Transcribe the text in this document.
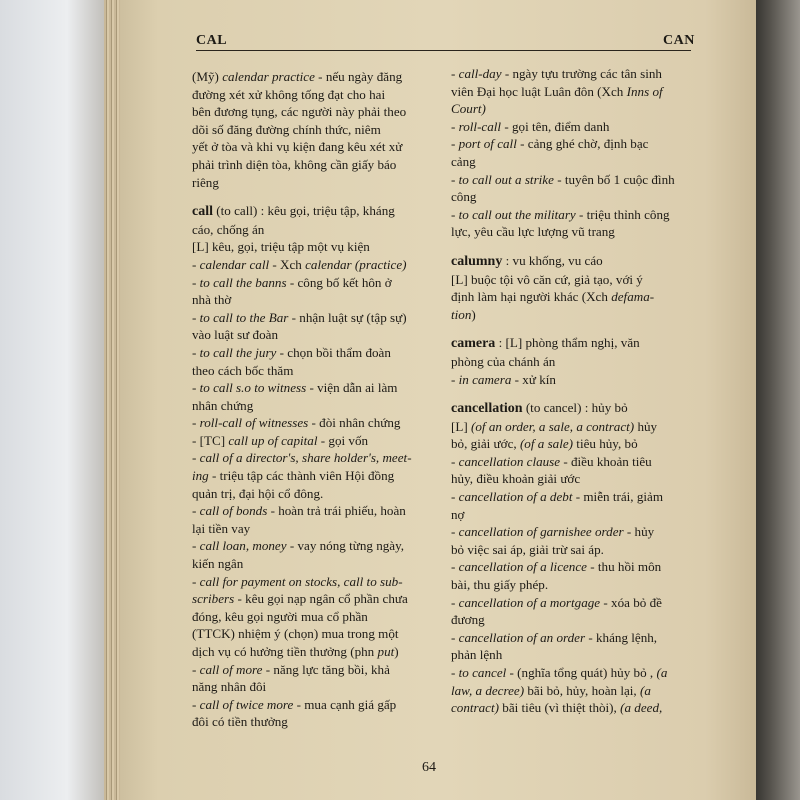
CAL	CAN

(Mỹ) calendar practice - nếu ngày đăng

đường xét xử không tống đạt cho hai

bên đương tụng, các người này phải theo

dõi số đăng đường chính thức, niêm

yết ở tòa và khi vụ kiện đang kêu xét xử

phải trình diện tòa, không cần giấy báo

riêng

call (to call) : kêu gọi, triệu tập, kháng

cáo, chống án

[L] kêu, gọi, triệu tập một vụ kiện

- calendar call - Xch calendar (practice)

- to call the banns - công bố kết hôn ở

nhà thờ

- to call to the Bar - nhận luật sự (tập sự)

vào luật sư đoàn

- to call the jury - chọn bồi thẩm đoàn

theo cách bốc thăm

- to call s.o to witness - viện dẫn ai làm

nhân chứng

- roll-call of witnesses - đòi nhân chứng

- [TC] call up of capital - gọi vốn

- call of a director's, share holder's, meet-

ing - triệu tập các thành viên Hội đồng

quản trị, đại hội cổ đông.

- call of bonds - hoàn trả trái phiếu, hoàn

lại tiền vay

- call loan, money - vay nóng từng ngày,

kiến ngân

- call for payment on stocks, call to sub-

scribers - kêu gọi nạp ngân cổ phần chưa

đóng, kêu gọi người mua cổ phần

(TTCK) nhiệm ý (chọn) mua trong một

dịch vụ có hưởng tiền thưởng (phn put)

- call of more - năng lực tăng bồi, khả

năng nhân đôi

- call of twice more - mua cạnh giá gấp

đôi có tiền thưởng

- call-day - ngày tựu trường các tân sinh

viên Đại học luật Luân đôn (Xch Inns of

Court)

- roll-call - gọi tên, điểm danh

- port of call - cảng ghé chờ, định bạc

cảng

- to call out a strike - tuyên bố 1 cuộc đình

công

- to call out the military - triệu thỉnh công

lực, yêu cầu lực lượng vũ trang

calumny : vu khống, vu cáo

[L] buộc tội vô căn cứ, giả tạo, với ý

định làm hại người khác (Xch defama-

tion)

camera : [L] phòng thẩm nghị, văn

phòng của chánh án

- in camera - xử kín

cancellation (to cancel) : hủy bỏ

[L] (of an order, a sale, a contract) hủy

bỏ, giải ước, (of a sale) tiêu hủy, bỏ

- cancellation clause - điều khoản tiêu

hủy, điều khoản giải ước

- cancellation of a debt - miễn trái, giảm

nợ

- cancellation of garnishee order - hủy

bỏ việc sai áp, giải trừ sai áp.

- cancellation of a licence - thu hồi môn

bài, thu giấy phép.

- cancellation of a mortgage - xóa bỏ đề

đương

- cancellation of an order - kháng lệnh,

phản lệnh

- to cancel - (nghĩa tổng quát) hủy bỏ , (a

law, a decree) bãi bỏ, hủy, hoàn lại, (a

contract) bãi tiêu (vì thiệt thòi), (a deed,

64
